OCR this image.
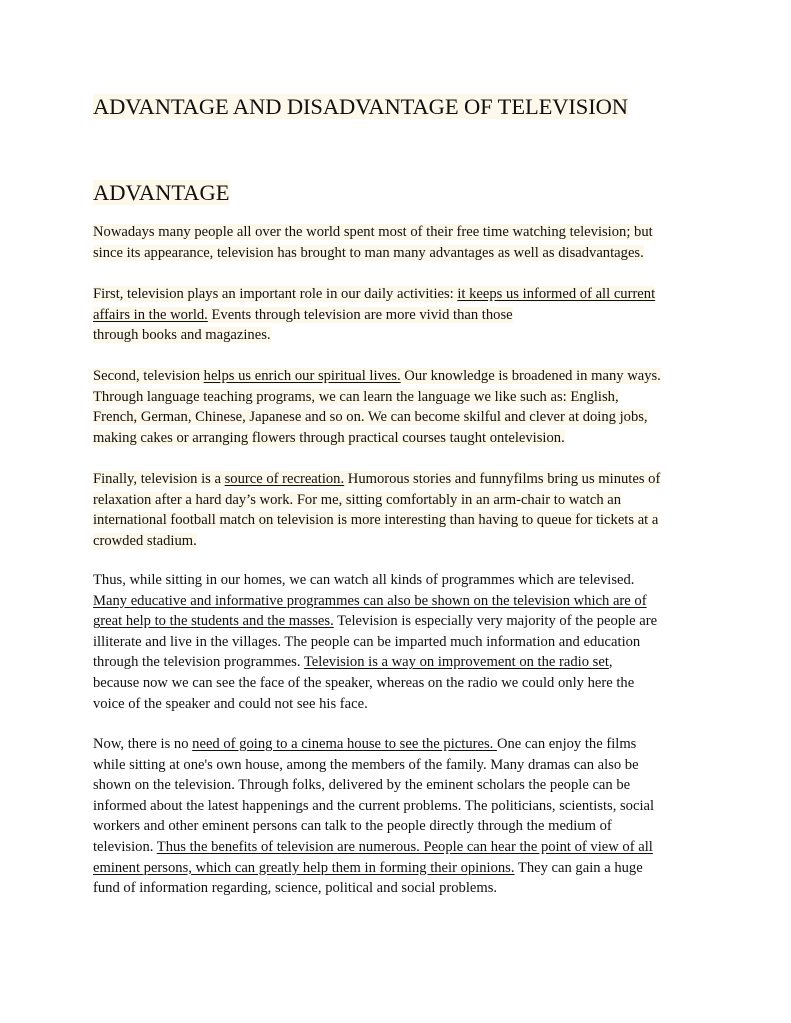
ADVANTAGE AND DISADVANTAGE OF TELEVISION
ADVANTAGE
Nowadays many people all over the world spent most of their free time watching television; but
since its appearance, television has brought to man many advantages as well as disadvantages.
First, television plays an important role in our daily activities: it keeps us informed of all current
affairs in the world. Events through television are more vivid than those
through books and magazines.
Second, television helps us enrich our spiritual lives. Our knowledge is broadened in many ways.
Through language teaching programs, we can learn the language we like such as: English,
French, German, Chinese, Japanese and so on. We can become skilful and clever at doing jobs,
making cakes or arranging flowers through practical courses taught ontelevision.
Finally, television is a source of recreation. Humorous stories and funnyfilms bring us minutes of
relaxation after a hard day’s work. For me, sitting comfortably in an arm-chair to watch an
international football match on television is more interesting than having to queue for tickets at a
crowded stadium.
Thus, while sitting in our homes, we can watch all kinds of programmes which are televised.
Many educative and informative programmes can also be shown on the television which are of
great help to the students and the masses. Television is especially very majority of the people are
illiterate and live in the villages. The people can be imparted much information and education
through the television programmes. Television is a way on improvement on the radio set,
because now we can see the face of the speaker, whereas on the radio we could only here the
voice of the speaker and could not see his face.
Now, there is no need of going to a cinema house to see the pictures. One can enjoy the films
while sitting at one's own house, among the members of the family. Many dramas can also be
shown on the television. Through folks, delivered by the eminent scholars the people can be
informed about the latest happenings and the current problems. The politicians, scientists, social
workers and other eminent persons can talk to the people directly through the medium of
television. Thus the benefits of television are numerous. People can hear the point of view of all
eminent persons, which can greatly help them in forming their opinions. They can gain a huge
fund of information regarding, science, political and social problems.
